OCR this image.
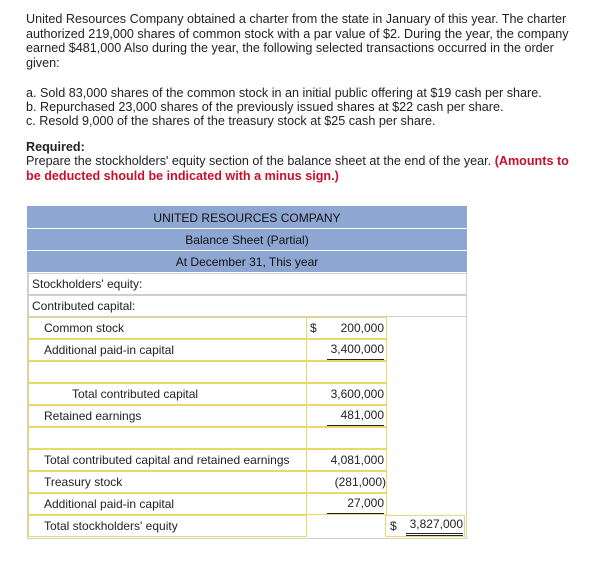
United Resources Company obtained a charter from the state in January of this year. The charter authorized 219,000 shares of common stock with a par value of $2. During the year, the company earned $481,000 Also during the year, the following selected transactions occurred in the order given:
a. Sold 83,000 shares of the common stock in an initial public offering at $19 cash per share.
b. Repurchased 23,000 shares of the previously issued shares at $22 cash per share.
c. Resold 9,000 of the shares of the treasury stock at $25 cash per share.
Required:
Prepare the stockholders' equity section of the balance sheet at the end of the year. (Amounts to be deducted should be indicated with a minus sign.)
UNITED RESOURCES COMPANY
Balance Sheet (Partial)
At December 31, This year
Stockholders' equity:
Contributed capital:
Common stock	$	200,000
Additional paid-in capital	3,400,000
Total contributed capital	3,600,000
Retained earnings	481,000
Total contributed capital and retained earnings	4,081,000
Treasury stock	(281,000)
Additional paid-in capital	27,000
Total stockholders' equity	$	3,827,000
